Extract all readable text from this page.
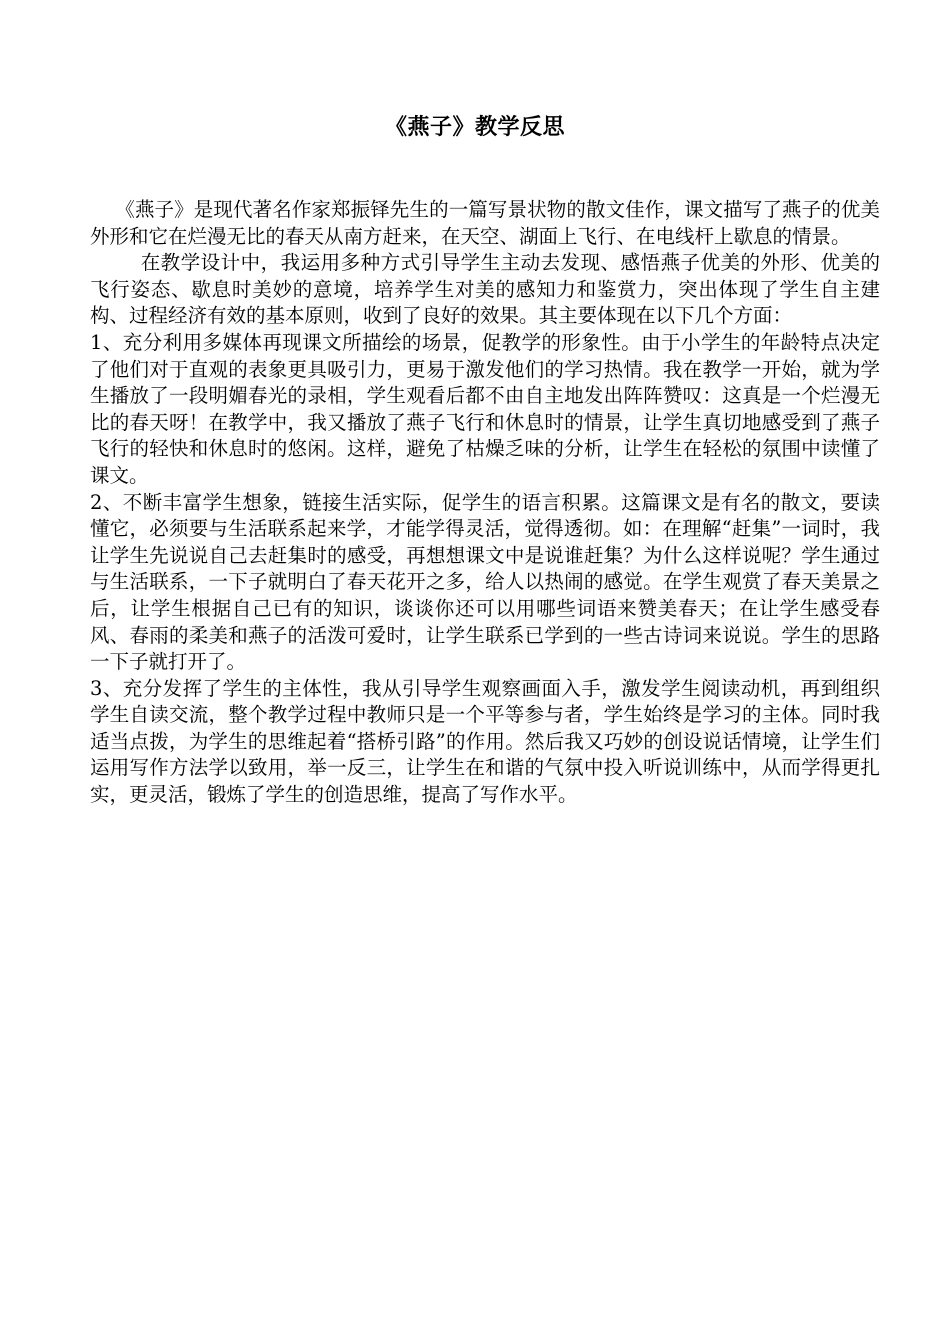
《燕子》教学反思

《燕子》是现代著名作家郑振铎先生的一篇写景状物的散文佳作，课文描写了燕子的优美外形和它在烂漫无比的春天从南方赶来，在天空、湖面上飞行、在电线杆上歇息的情景。

在教学设计中，我运用多种方式引导学生主动去发现、感悟燕子优美的外形、优美的飞行姿态、歇息时美妙的意境，培养学生对美的感知力和鉴赏力，突出体现了学生自主建构、过程经济有效的基本原则，收到了良好的效果。其主要体现在以下几个方面：

1、充分利用多媒体再现课文所描绘的场景，促教学的形象性。由于小学生的年龄特点决定了他们对于直观的表象更具吸引力，更易于激发他们的学习热情。我在教学一开始，就为学生播放了一段明媚春光的录相，学生观看后都不由自主地发出阵阵赞叹：这真是一个烂漫无比的春天呀！在教学中，我又播放了燕子飞行和休息时的情景，让学生真切地感受到了燕子飞行的轻快和休息时的悠闲。这样，避免了枯燥乏味的分析，让学生在轻松的氛围中读懂了课文。

2、不断丰富学生想象，链接生活实际，促学生的语言积累。这篇课文是有名的散文，要读懂它，必须要与生活联系起来学，才能学得灵活，觉得透彻。如：在理解“赶集”一词时，我让学生先说说自己去赶集时的感受，再想想课文中是说谁赶集？为什么这样说呢？学生通过与生活联系，一下子就明白了春天花开之多，给人以热闹的感觉。在学生观赏了春天美景之后，让学生根据自己已有的知识，谈谈你还可以用哪些词语来赞美春天；在让学生感受春风、春雨的柔美和燕子的活泼可爱时，让学生联系已学到的一些古诗词来说说。学生的思路一下子就打开了。

3、充分发挥了学生的主体性，我从引导学生观察画面入手，激发学生阅读动机，再到组织学生自读交流，整个教学过程中教师只是一个平等参与者，学生始终是学习的主体。同时我适当点拨，为学生的思维起着“搭桥引路”的作用。然后我又巧妙的创设说话情境，让学生们运用写作方法学以致用，举一反三，让学生在和谐的气氛中投入听说训练中，从而学得更扎实，更灵活，锻炼了学生的创造思维，提高了写作水平。
